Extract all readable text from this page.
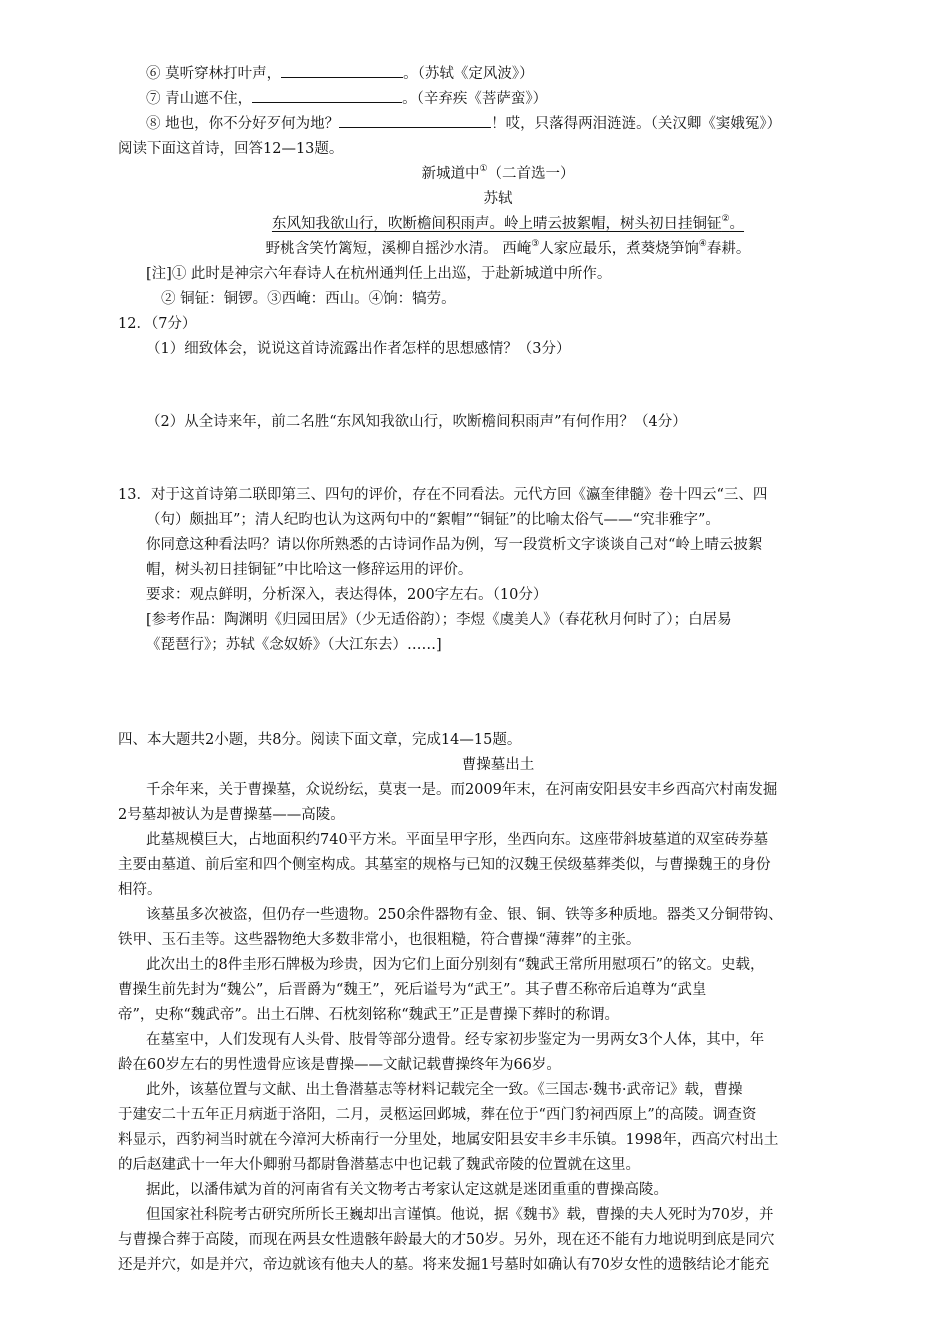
⑥ 莫听穿林打叶声，	。（苏轼《定风波》）
⑦ 青山遮不住，	。（辛弃疾《菩萨蛮》）
⑧ 地也，你不分好歹何为地？	！哎，只落得两泪涟涟。（关汉卿《窦娥冤》）
阅读下面这首诗，回答12—13题。
新城道中①（二首选一）
苏轼
东风知我欲山行，吹断檐间积雨声。岭上晴云披絮帽，树头初日挂铜钲②。
野桃含笑竹篱短，溪柳自摇沙水清。 西崦③人家应最乐，煮葵烧笋饷④春耕。
[注]① 此时是神宗六年春诗人在杭州通判任上出巡，于赴新城道中所作。
② 铜钲：铜锣。③西崦：西山。④饷：犒劳。
12．（7分）
（1）细致体会，说说这首诗流露出作者怎样的思想感情？（3分）
（2）从全诗来年，前二名胜“东风知我欲山行，吹断檐间积雨声”有何作用？（4分）
13．对于这首诗第二联即第三、四句的评价，存在不同看法。元代方回《瀛奎律髓》卷十四云“三、四
（句）颇拙耳”；清人纪昀也认为这两句中的“絮帽”“铜钲”的比喻太俗气——“究非雅字”。
你同意这种看法吗？请以你所熟悉的古诗词作品为例，写一段赏析文字谈谈自己对“岭上晴云披絮
帽，树头初日挂铜钲”中比哈这一修辞运用的评价。
要求：观点鲜明，分析深入，表达得体，200字左右。（10分）
[参考作品：陶渊明《归园田居》（少无适俗韵）；李煜《虞美人》（春花秋月何时了）；白居易
《琵琶行》；苏轼《念奴娇》（大江东去）……]
四、本大题共2小题，共8分。阅读下面文章，完成14—15题。
曹操墓出土
千余年来，关于曹操墓，众说纷纭，莫衷一是。而2009年末，在河南安阳县安丰乡西高穴村南发掘
2号墓却被认为是曹操墓——高陵。
此墓规模巨大，占地面积约740平方米。平面呈甲字形，坐西向东。这座带斜坡墓道的双室砖券墓
主要由墓道、前后室和四个侧室构成。其墓室的规格与已知的汉魏王侯级墓葬类似，与曹操魏王的身份
相符。
该墓虽多次被盗，但仍存一些遗物。250余件器物有金、银、铜、铁等多种质地。器类又分铜带钩、
铁甲、玉石圭等。这些器物绝大多数非常小，也很粗糙，符合曹操“薄葬”的主张。
此次出土的8件圭形石牌极为珍贵，因为它们上面分别刻有“魏武王常所用慰项石”的铭文。史载，
曹操生前先封为“魏公”，后晋爵为“魏王”，死后谥号为“武王”。其子曹丕称帝后追尊为“武皇
帝”，史称“魏武帝”。出土石牌、石枕刻铭称“魏武王”正是曹操下葬时的称谓。
在墓室中，人们发现有人头骨、肢骨等部分遗骨。经专家初步鉴定为一男两女3个人体，其中，年
龄在60岁左右的男性遗骨应该是曹操——文献记载曹操终年为66岁。
此外，该墓位置与文献、出土鲁潜墓志等材料记载完全一致。《三国志·魏书·武帝记》载，曹操
于建安二十五年正月病逝于洛阳，二月，灵柩运回邺城，葬在位于“西门豹祠西原上”的高陵。调查资
料显示，西豹祠当时就在今漳河大桥南行一分里处，地属安阳县安丰乡丰乐镇。1998年，西高穴村出土
的后赵建武十一年大仆卿驸马都尉鲁潜墓志中也记载了魏武帝陵的位置就在这里。
据此，以潘伟斌为首的河南省有关文物考古考家认定这就是迷团重重的曹操高陵。
但国家社科院考古研究所所长王巍却出言谨慎。他说，据《魏书》载，曹操的夫人死时为70岁，并
与曹操合葬于高陵，而现在两县女性遗骸年龄最大的才50岁。另外，现在还不能有力地说明到底是同穴
还是并穴，如是并穴，帝边就该有他夫人的墓。将来发掘1号墓时如确认有70岁女性的遗骸结论才能充
